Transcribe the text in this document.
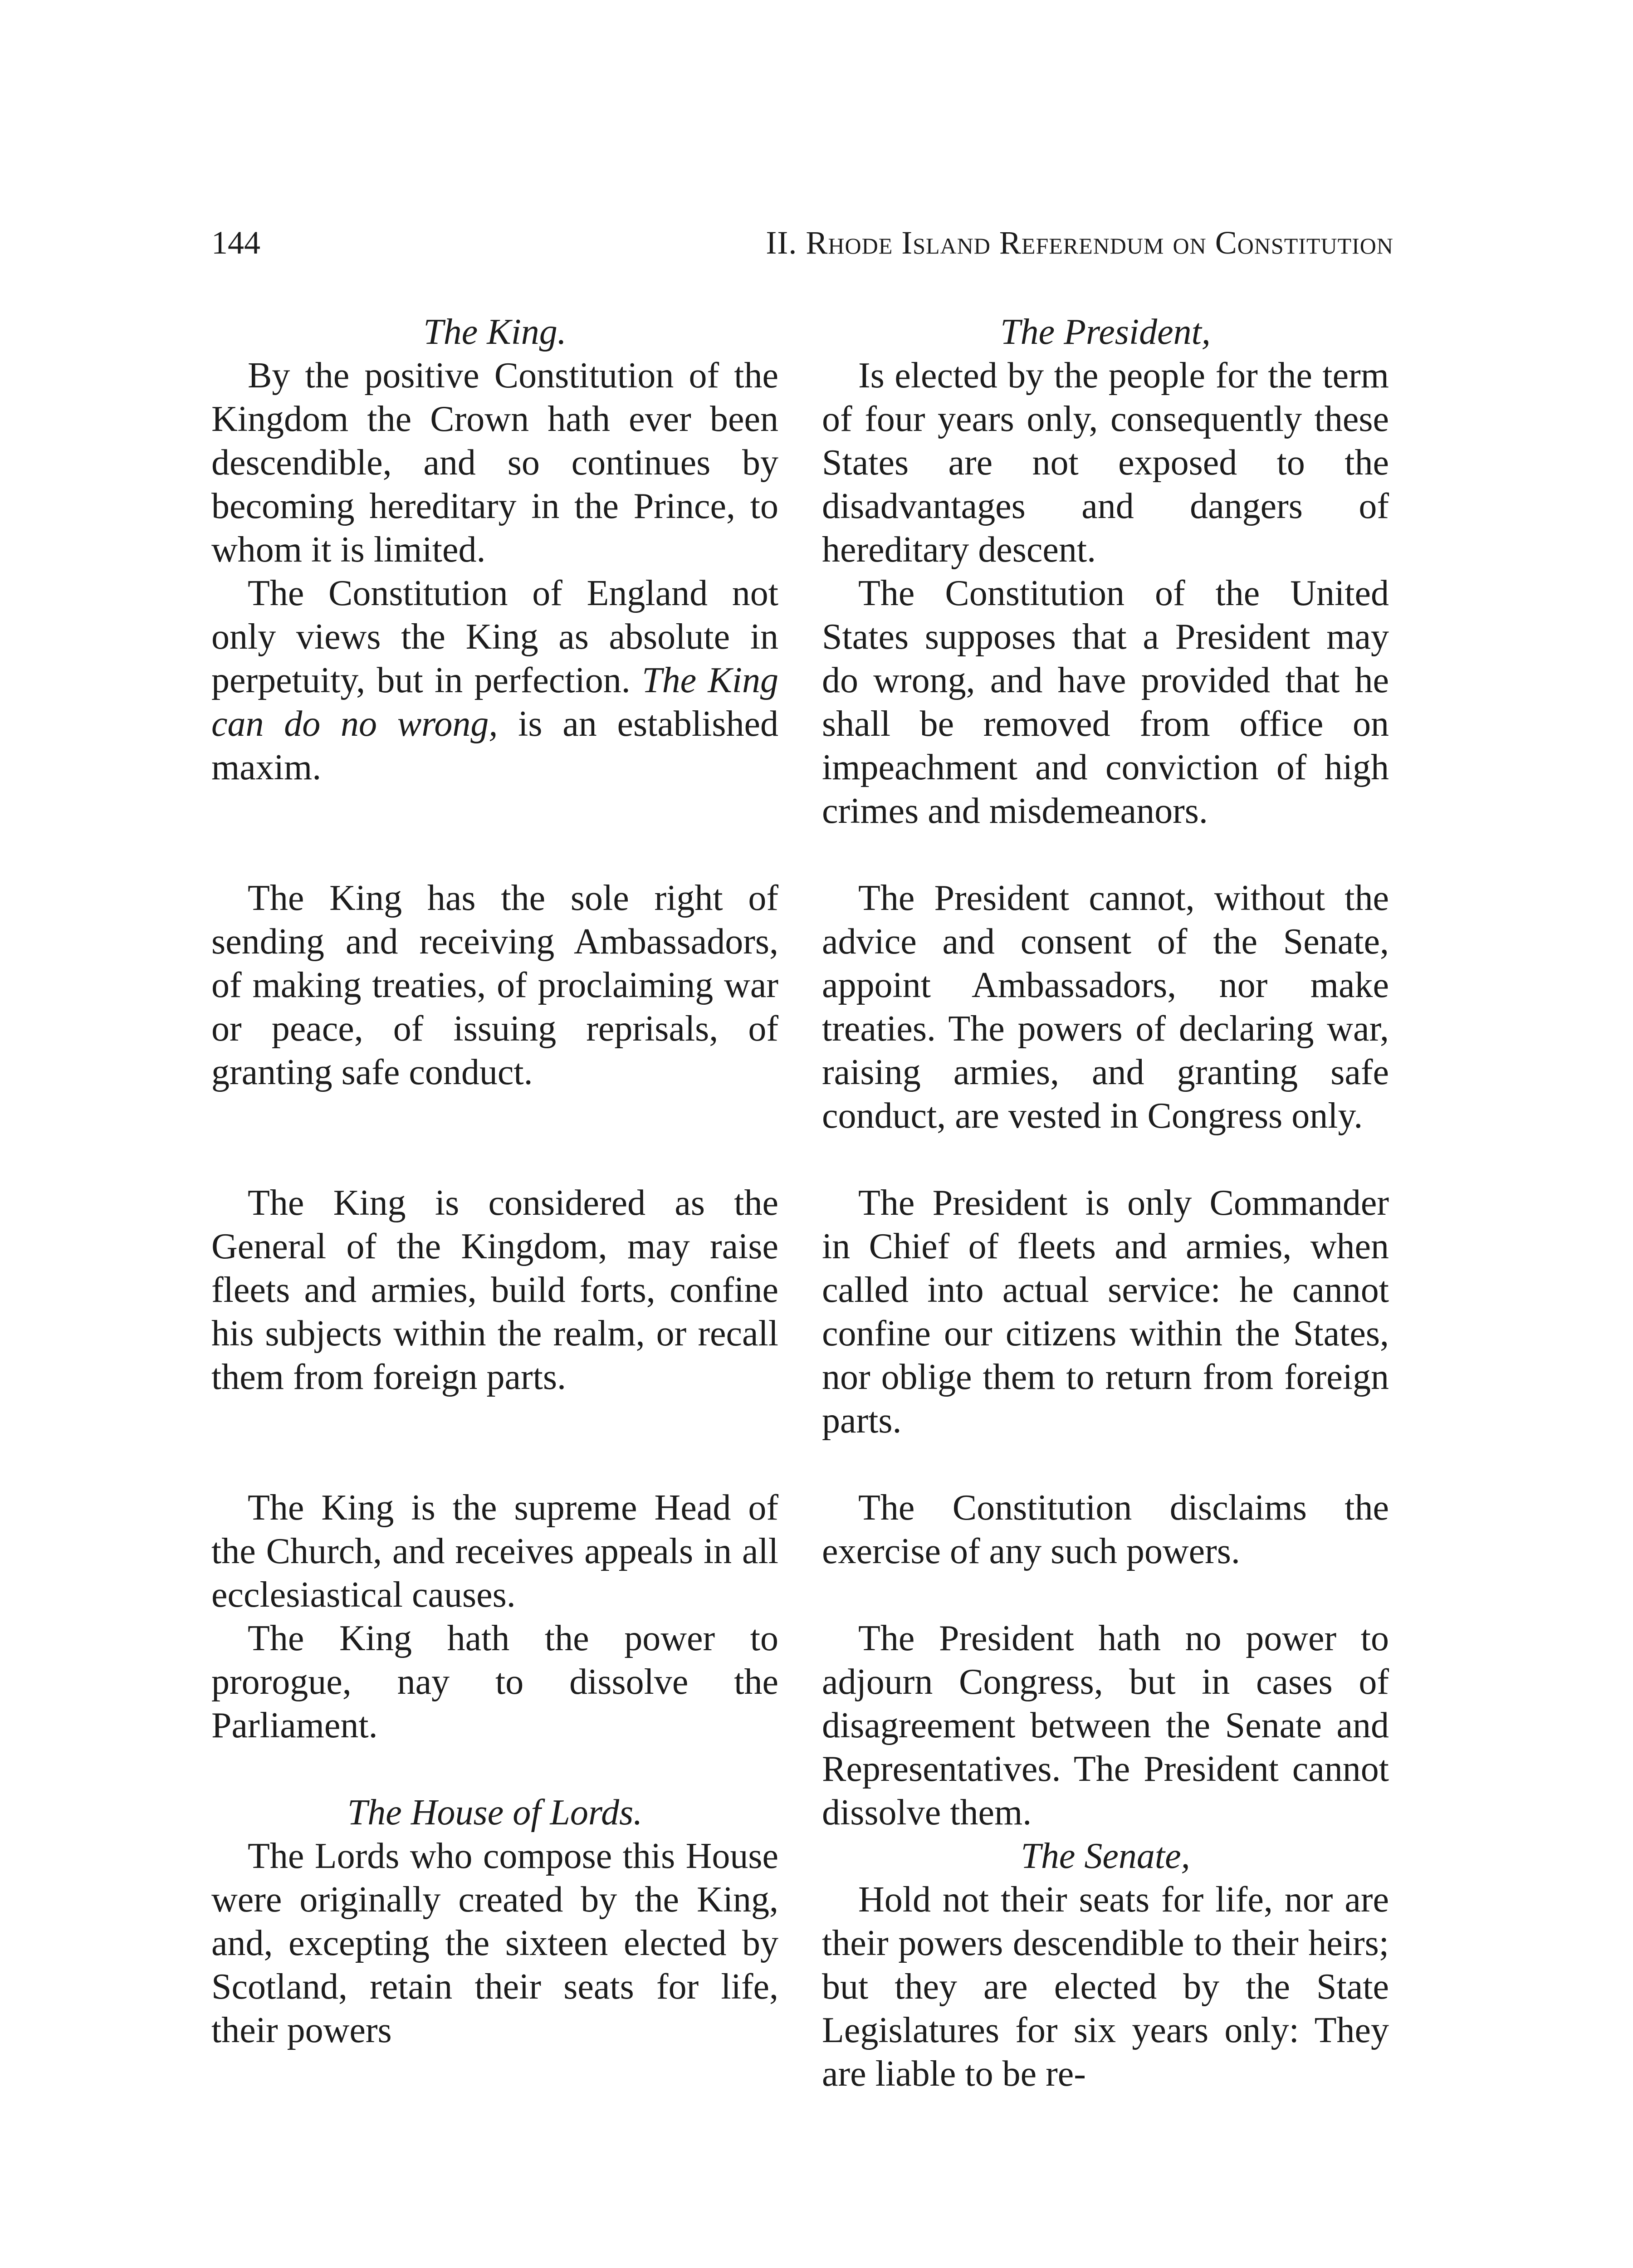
144	II. Rhode Island Referendum on Constitution

The King.

By the positive Constitution of the Kingdom the Crown hath ever been descendible, and so continues by becoming hereditary in the Prince, to whom it is limited.

The Constitution of England not only views the King as absolute in perpetuity, but in perfection. The King can do no wrong, is an established maxim.

The King has the sole right of sending and receiving Ambassadors, of making treaties, of proclaiming war or peace, of issuing reprisals, of granting safe conduct.

The King is considered as the General of the Kingdom, may raise fleets and armies, build forts, confine his subjects within the realm, or recall them from foreign parts.

The King is the supreme Head of the Church, and receives appeals in all ecclesiastical causes.

The King hath the power to prorogue, nay to dissolve the Parliament.

The House of Lords.

The Lords who compose this House were originally created by the King, and, excepting the sixteen elected by Scotland, retain their seats for life, their powers

The President,

Is elected by the people for the term of four years only, consequently these States are not exposed to the disadvantages and dangers of hereditary descent.

The Constitution of the United States supposes that a President may do wrong, and have provided that he shall be removed from office on impeachment and conviction of high crimes and misdemeanors.

The President cannot, without the advice and consent of the Senate, appoint Ambassadors, nor make treaties. The powers of declaring war, raising armies, and granting safe conduct, are vested in Congress only.

The President is only Commander in Chief of fleets and armies, when called into actual service: he cannot confine our citizens within the States, nor oblige them to return from foreign parts.

The Constitution disclaims the exercise of any such powers.

The President hath no power to adjourn Congress, but in cases of disagreement between the Senate and Representatives. The President cannot dissolve them.

The Senate,

Hold not their seats for life, nor are their powers descendible to their heirs; but they are elected by the State Legislatures for six years only: They are liable to be re-
